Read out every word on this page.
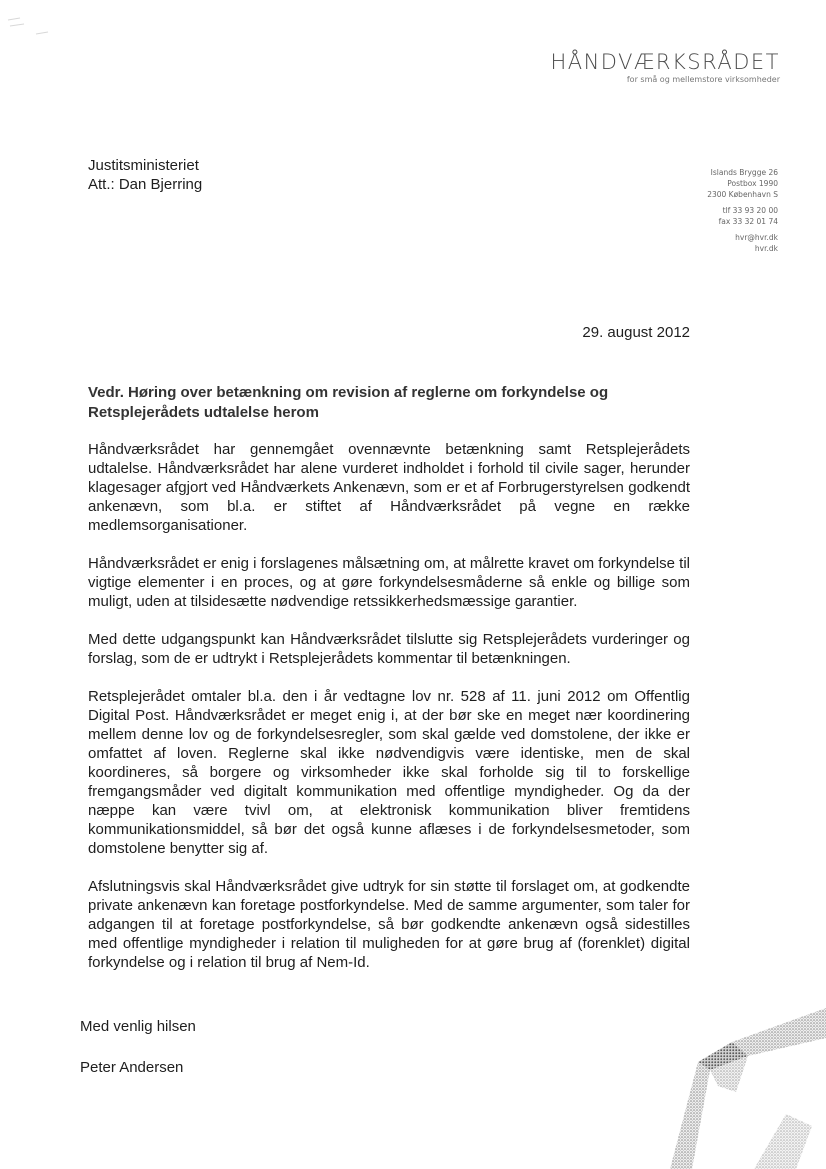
HÅNDVÆRKSRÅDET
for små og mellemstore virksomheder
Justitsministeriet
Att.: Dan Bjerring
Islands Brygge 26
Postbox 1990
2300 København S
tlf 33 93 20 00
fax 33 32 01 74
hvr@hvr.dk
hvr.dk
29. august 2012
Vedr. Høring over betænkning om revision af reglerne om forkyndelse og Retsplejerådets udtalelse herom

Håndværksrådet har gennemgået ovennævnte betænkning samt Retsplejerådets udtalelse. Håndværksrådet har alene vurderet indholdet i forhold til civile sager, herunder klagesager afgjort ved Håndværkets Ankenævn, som er et af Forbrugerstyrelsen godkendt ankenævn, som bl.a. er stiftet af Håndværksrådet på vegne en række medlemsorganisationer.

Håndværksrådet er enig i forslagenes målsætning om, at målrette kravet om forkyndelse til vigtige elementer i en proces, og at gøre forkyndelsesmåderne så enkle og billige som muligt, uden at tilsidesætte nødvendige retssikkerhedsmæssige garantier.

Med dette udgangspunkt kan Håndværksrådet tilslutte sig Retsplejerådets vurderinger og forslag, som de er udtrykt i Retsplejerådets kommentar til betænkningen.

Retsplejerådet omtaler bl.a. den i år vedtagne lov nr. 528 af 11. juni 2012 om Offentlig Digital Post. Håndværksrådet er meget enig i, at der bør ske en meget nær koordinering mellem denne lov og de forkyndelsesregler, som skal gælde ved domstolene, der ikke er omfattet af loven. Reglerne skal ikke nødvendigvis være identiske, men de skal koordineres, så borgere og virksomheder ikke skal forholde sig til to forskellige fremgangsmåder ved digitalt kommunikation med offentlige myndigheder. Og da der næppe kan være tvivl om, at elektronisk kommunikation bliver fremtidens kommunikationsmiddel, så bør det også kunne aflæses i de forkyndelsesmetoder, som domstolene benytter sig af.

Afslutningsvis skal Håndværksrådet give udtryk for sin støtte til forslaget om, at godkendte private ankenævn kan foretage postforkyndelse. Med de samme argumenter, som taler for adgangen til at foretage postforkyndelse, så bør godkendte ankenævn også sidestilles med offentlige myndigheder i relation til muligheden for at gøre brug af (forenklet) digital forkyndelse og i relation til brug af Nem-Id.

Med venlig hilsen
Peter Andersen
